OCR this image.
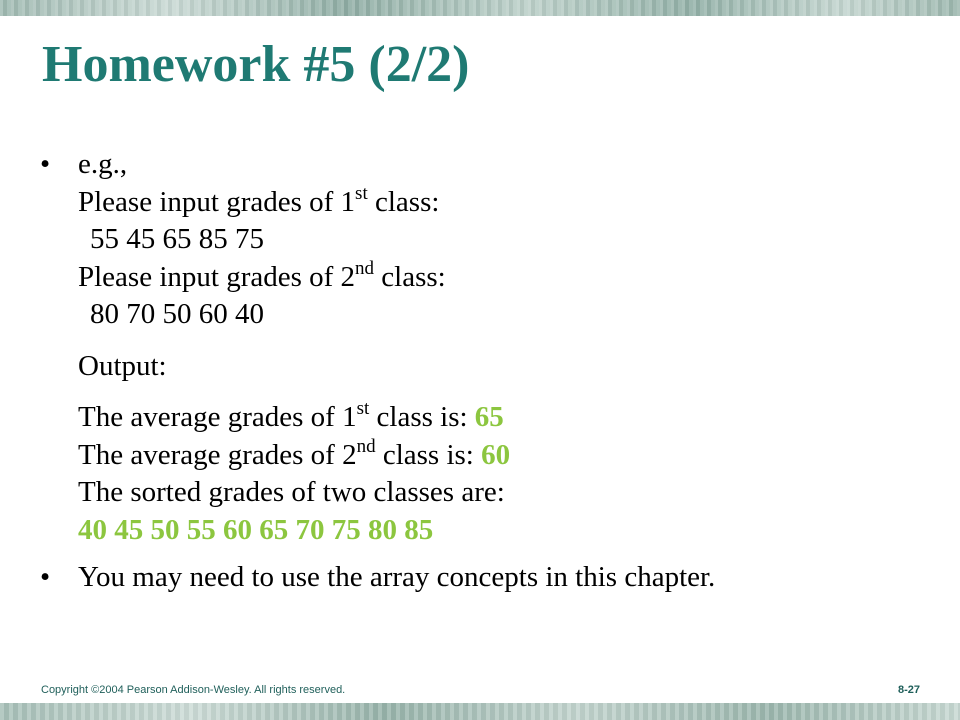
Homework #5 (2/2)
• e.g.,
Please input grades of 1st class:
55 45 65 85 75
Please input grades of 2nd class:
80 70 50 60 40
Output:
The average grades of 1st class is: 65
The average grades of 2nd class is: 60
The sorted grades of two classes are:
40 45 50 55 60 65 70 75 80 85
• You may need to use the array concepts in this chapter.
Copyright ©2004 Pearson Addison-Wesley. All rights reserved.	8-27
